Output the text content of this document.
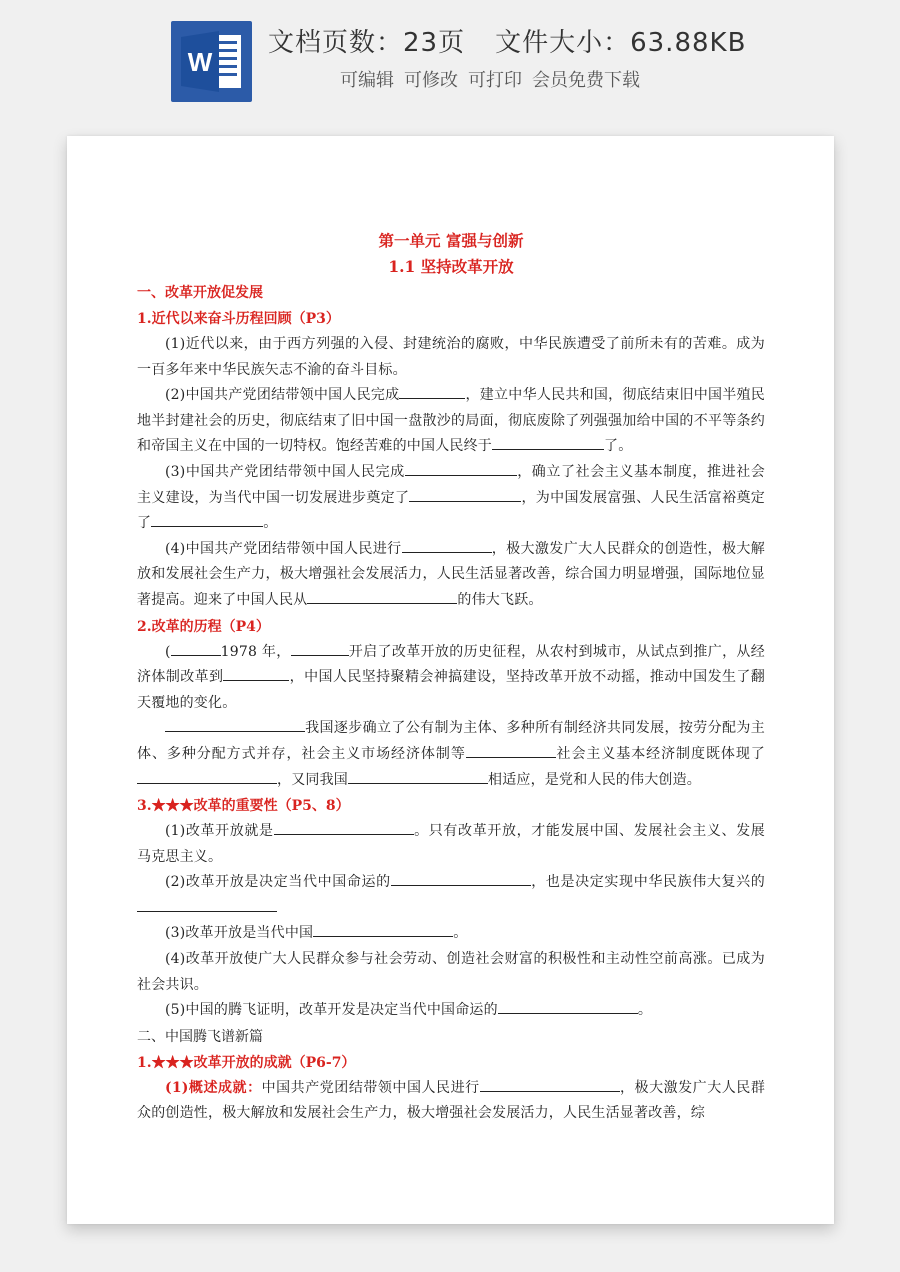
W
文档页数：23页 文件大小：63.88KB
可编辑 可修改 可打印 会员免费下载
第一单元 富强与创新
1.1 坚持改革开放

一、改革开放促发展

1.近代以来奋斗历程回顾（P3）

(1)近代以来，由于西方列强的入侵、封建统治的腐败，中华民族遭受了前所未有的苦难。成为一百多年来中华民族矢志不渝的奋斗目标。

(2)中国共产党团结带领中国人民完成	，建立中华人民共和国，彻底结束旧中国半殖民地半封建社会的历史，彻底结束了旧中国一盘散沙的局面，彻底废除了列强强加给中国的不平等条约和帝国主义在中国的一切特权。饱经苦难的中国人民终于	了。

(3)中国共产党团结带领中国人民完成	，确立了社会主义基本制度，推进社会主义建设，为当代中国一切发展进步奠定了	，为中国发展富强、人民生活富裕奠定了	。

(4)中国共产党团结带领中国人民进行	，极大激发广大人民群众的创造性，极大解放和发展社会生产力，极大增强社会发展活力，人民生活显著改善，综合国力明显增强，国际地位显著提高。迎来了中国人民从	的伟大飞跃。

2.改革的历程（P4）

(	1978 年，	开启了改革开放的历史征程，从农村到城市，从试点到推广，从经济体制改革到	，中国人民坚持聚精会神搞建设，坚持改革开放不动摇，推动中国发生了翻天覆地的变化。

我国逐步确立了公有制为主体、多种所有制经济共同发展，按劳分配为主体、多种分配方式并存，社会主义市场经济体制等	社会主义基本经济制度既体现了，又同我国	相适应，是党和人民的伟大创造。

3.★★★改革的重要性（P5、8）

(1)改革开放就是	。只有改革开放，才能发展中国、发展社会主义、发展马克思主义。

(2)改革开放是决定当代中国命运的	，也是决定实现中华民族伟大复兴的

(3)改革开放是当代中国	。

(4)改革开放使广大人民群众参与社会劳动、创造社会财富的积极性和主动性空前高涨。已成为社会共识。

(5)中国的腾飞证明，改革开发是决定当代中国命运的	。

二、中国腾飞谱新篇

1.★★★改革开放的成就（P6-7）

(1)概述成就：中国共产党团结带领中国人民进行	，极大激发广大人民群众的创造性，极大解放和发展社会生产力，极大增强社会发展活力，人民生活显著改善，综
